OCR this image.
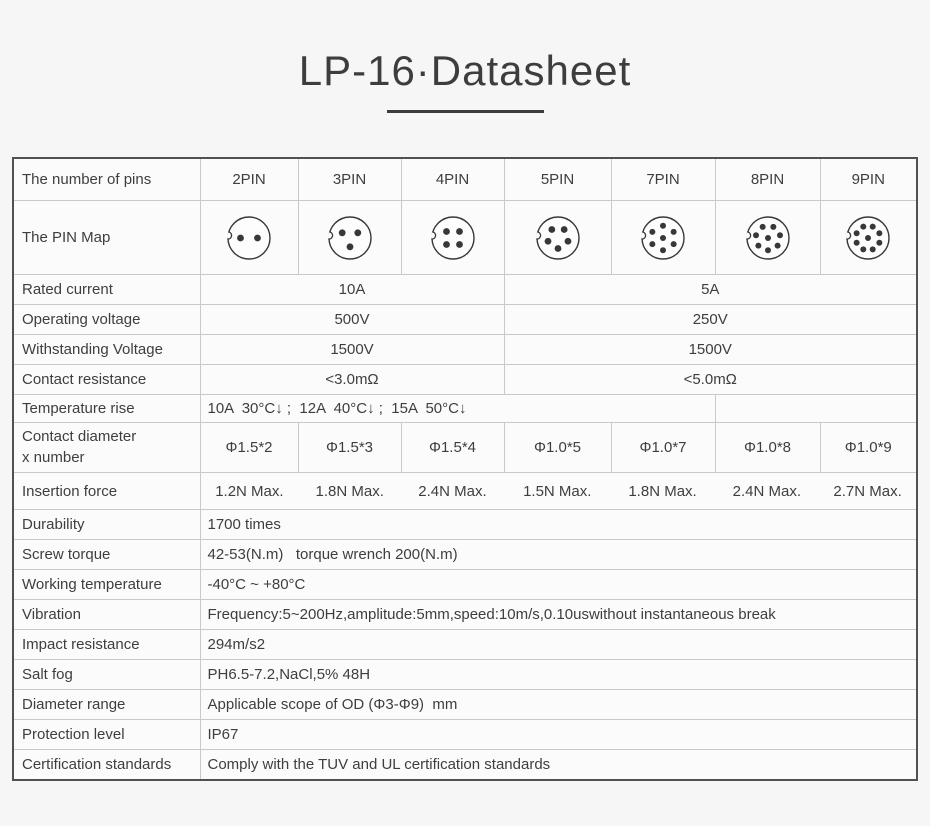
LP-16·Datasheet
The number of pins	2PIN	3PIN	4PIN	5PIN	7PIN	8PIN	9PIN
The PIN Map	

Rated current	10A			5A			
Operating voltage	500V			250V			
Withstanding Voltage	1500V			1500V			
Contact resistance	<3.0mΩ			<5.0mΩ			
Temperature rise	10A  30°C↓ ;  12A  40°C↓ ;  15A  50°C↓						
Contact diameter
x number	Φ1.5*2	Φ1.5*3	Φ1.5*4	Φ1.0*5	Φ1.0*7	Φ1.0*8	Φ1.0*9
Insertion force	1.2N Max.	1.8N Max.	2.4N Max.	1.5N Max.	1.8N Max.	2.4N Max.	2.7N Max.

Durability	1700 times						
Screw torque	42-53(N.m)   torque wrench 200(N.m)						
Working temperature	-40°C ~ +80°C						
Vibration	Frequency:5~200Hz,amplitude:5mm,speed:10m/s,0.10uswithout instantaneous break						
Impact resistance	294m/s2						
Salt fog	PH6.5-7.2,NaCl,5% 48H						
Diameter range	Applicable scope of OD (Φ3-Φ9)  mm						
Protection level	IP67						
Certification standards	Comply with the TUV and UL certification standards						
